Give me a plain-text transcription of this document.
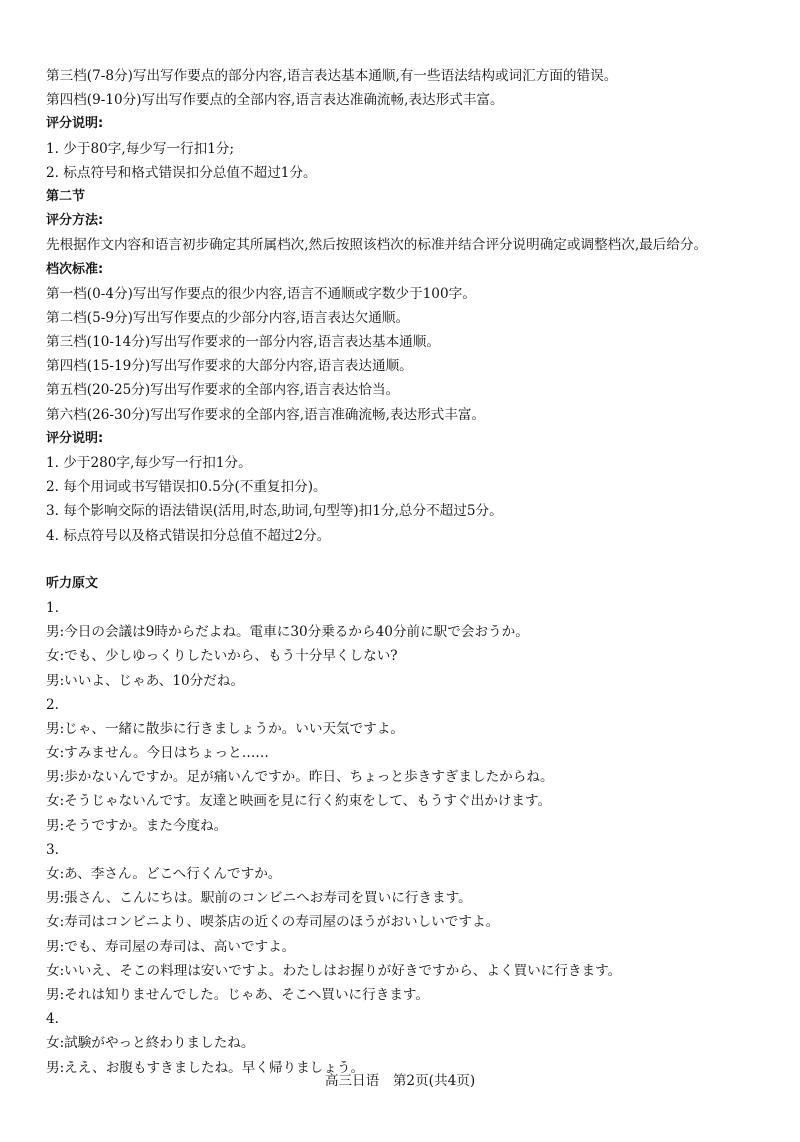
第三档(7-8分)写出写作要点的部分内容,语言表达基本通顺,有一些语法结构或词汇方面的错误。
第四档(9-10分)写出写作要点的全部内容,语言表达准确流畅,表达形式丰富。
评分说明:
1. 少于80字,每少写一行扣1分;
2. 标点符号和格式错误扣分总值不超过1分。
第二节
评分方法:
先根据作文内容和语言初步确定其所属档次,然后按照该档次的标准并结合评分说明确定或调整档次,最后给分。
档次标准:
第一档(0-4分)写出写作要点的很少内容,语言不通顺或字数少于100字。
第二档(5-9分)写出写作要点的少部分内容,语言表达欠通顺。
第三档(10-14分)写出写作要求的一部分内容,语言表达基本通顺。
第四档(15-19分)写出写作要求的大部分内容,语言表达通顺。
第五档(20-25分)写出写作要求的全部内容,语言表达恰当。
第六档(26-30分)写出写作要求的全部内容,语言准确流畅,表达形式丰富。
评分说明:
1. 少于280字,每少写一行扣1分。
2. 每个用词或书写错误扣0.5分(不重复扣分)。
3. 每个影响交际的语法错误(活用,时态,助词,句型等)扣1分,总分不超过5分。
4. 标点符号以及格式错误扣分总值不超过2分。
听力原文
1.
男:今日の会議は9時からだよね。電車に30分乗るから40分前に駅で会おうか。
女:でも、少しゆっくりしたいから、もう十分早くしない?
男:いいよ、じゃあ、10分だね。
2.
男:じゃ、一緒に散歩に行きましょうか。いい天気ですよ。
女:すみません。今日はちょっと……
男:歩かないんですか。足が痛いんですか。昨日、ちょっと歩きすぎましたからね。
女:そうじゃないんです。友達と映画を見に行く約束をして、もうすぐ出かけます。
男:そうですか。また今度ね。
3.
女:あ、李さん。どこへ行くんですか。
男:張さん、こんにちは。駅前のコンビニへお寿司を買いに行きます。
女:寿司はコンビニより、喫茶店の近くの寿司屋のほうがおいしいですよ。
男:でも、寿司屋の寿司は、高いですよ。
女:いいえ、そこの料理は安いですよ。わたしはお握りが好きですから、よく買いに行きます。
男:それは知りませんでした。じゃあ、そこへ買いに行きます。
4.
女:試験がやっと終わりましたね。
男:ええ、お腹もすきましたね。早く帰りましょう。
高三日语　第2页(共4页)
